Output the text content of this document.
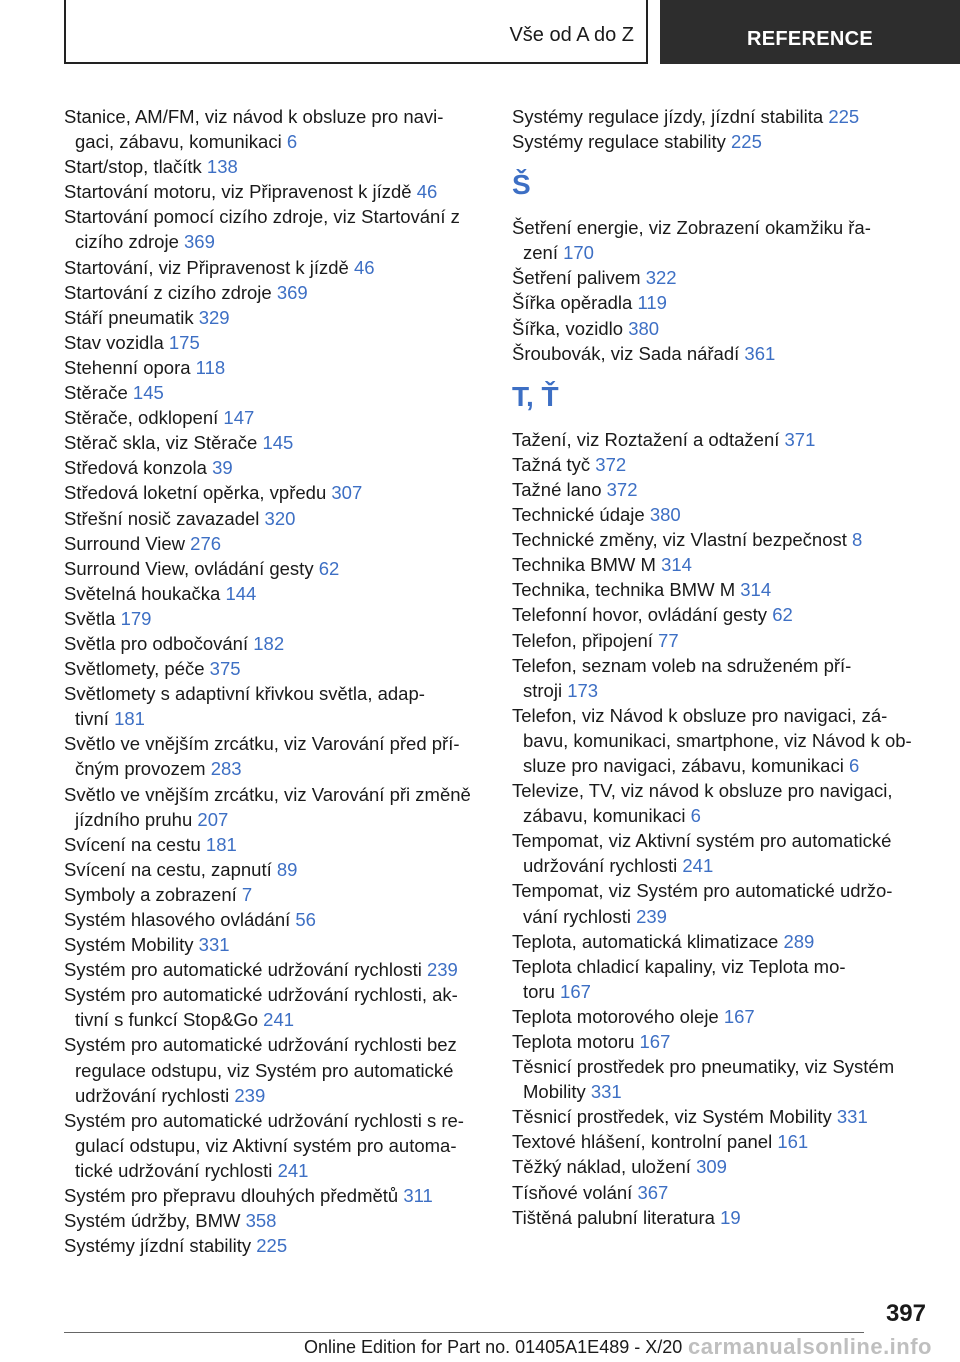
Vše od A do Z	REFERENCE

Stanice, AM/FM, viz návod k obsluze pro navi-
gaci, zábavu, komunikaci 6

Start/stop, tlačítk 138

Startování motoru, viz Připravenost k jízdě 46

Startování pomocí cizího zdroje, viz Startování z
cizího zdroje 369

Startování, viz Připravenost k jízdě 46

Startování z cizího zdroje 369

Stáří pneumatik 329

Stav vozidla 175

Stehenní opora 118

Stěrače 145

Stěrače, odklopení 147

Stěrač skla, viz Stěrače 145

Středová konzola 39

Středová loketní opěrka, vpředu 307

Střešní nosič zavazadel 320

Surround View 276

Surround View, ovládání gesty 62

Světelná houkačka 144

Světla 179

Světla pro odbočování 182

Světlomety, péče 375

Světlomety s adaptivní křivkou světla, adap-
tivní 181

Světlo ve vnějším zrcátku, viz Varování před pří-
čným provozem 283

Světlo ve vnějším zrcátku, viz Varování při změně
jízdního pruhu 207

Svícení na cestu 181

Svícení na cestu, zapnutí 89

Symboly a zobrazení 7

Systém hlasového ovládání 56

Systém Mobility 331

Systém pro automatické udržování rychlosti 239

Systém pro automatické udržování rychlosti, ak-
tivní s funkcí Stop&Go 241

Systém pro automatické udržování rychlosti bez
regulace odstupu, viz Systém pro automatické
udržování rychlosti 239

Systém pro automatické udržování rychlosti s re-
gulací odstupu, viz Aktivní systém pro automa-
tické udržování rychlosti 241

Systém pro přepravu dlouhých předmětů 311

Systém údržby, BMW 358

Systémy jízdní stability 225

Systémy regulace jízdy, jízdní stabilita 225

Systémy regulace stability 225

Š

Šetření energie, viz Zobrazení okamžiku řa-
zení 170

Šetření palivem 322

Šířka opěradla 119

Šířka, vozidlo 380

Šroubovák, viz Sada nářadí 361

T, Ť

Tažení, viz Roztažení a odtažení 371

Tažná tyč 372

Tažné lano 372

Technické údaje 380

Technické změny, viz Vlastní bezpečnost 8

Technika BMW M 314

Technika, technika BMW M 314

Telefonní hovor, ovládání gesty 62

Telefon, připojení 77

Telefon, seznam voleb na sdruženém pří-
stroji 173

Telefon, viz Návod k obsluze pro navigaci, zá-
bavu, komunikaci, smartphone, viz Návod k ob-
sluze pro navigaci, zábavu, komunikaci 6

Televize, TV, viz návod k obsluze pro navigaci,
zábavu, komunikaci 6

Tempomat, viz Aktivní systém pro automatické
udržování rychlosti 241

Tempomat, viz Systém pro automatické udržo-
vání rychlosti 239

Teplota, automatická klimatizace 289

Teplota chladicí kapaliny, viz Teplota mo-
toru 167

Teplota motorového oleje 167

Teplota motoru 167

Těsnicí prostředek pro pneumatiky, viz Systém
Mobility 331

Těsnicí prostředek, viz Systém Mobility 331

Textové hlášení, kontrolní panel 161

Těžký náklad, uložení 309

Tísňové volání 367

Tištěná palubní literatura 19

397
Online Edition for Part no. 01405A1E489 - X/20 carmanualsonline.info
